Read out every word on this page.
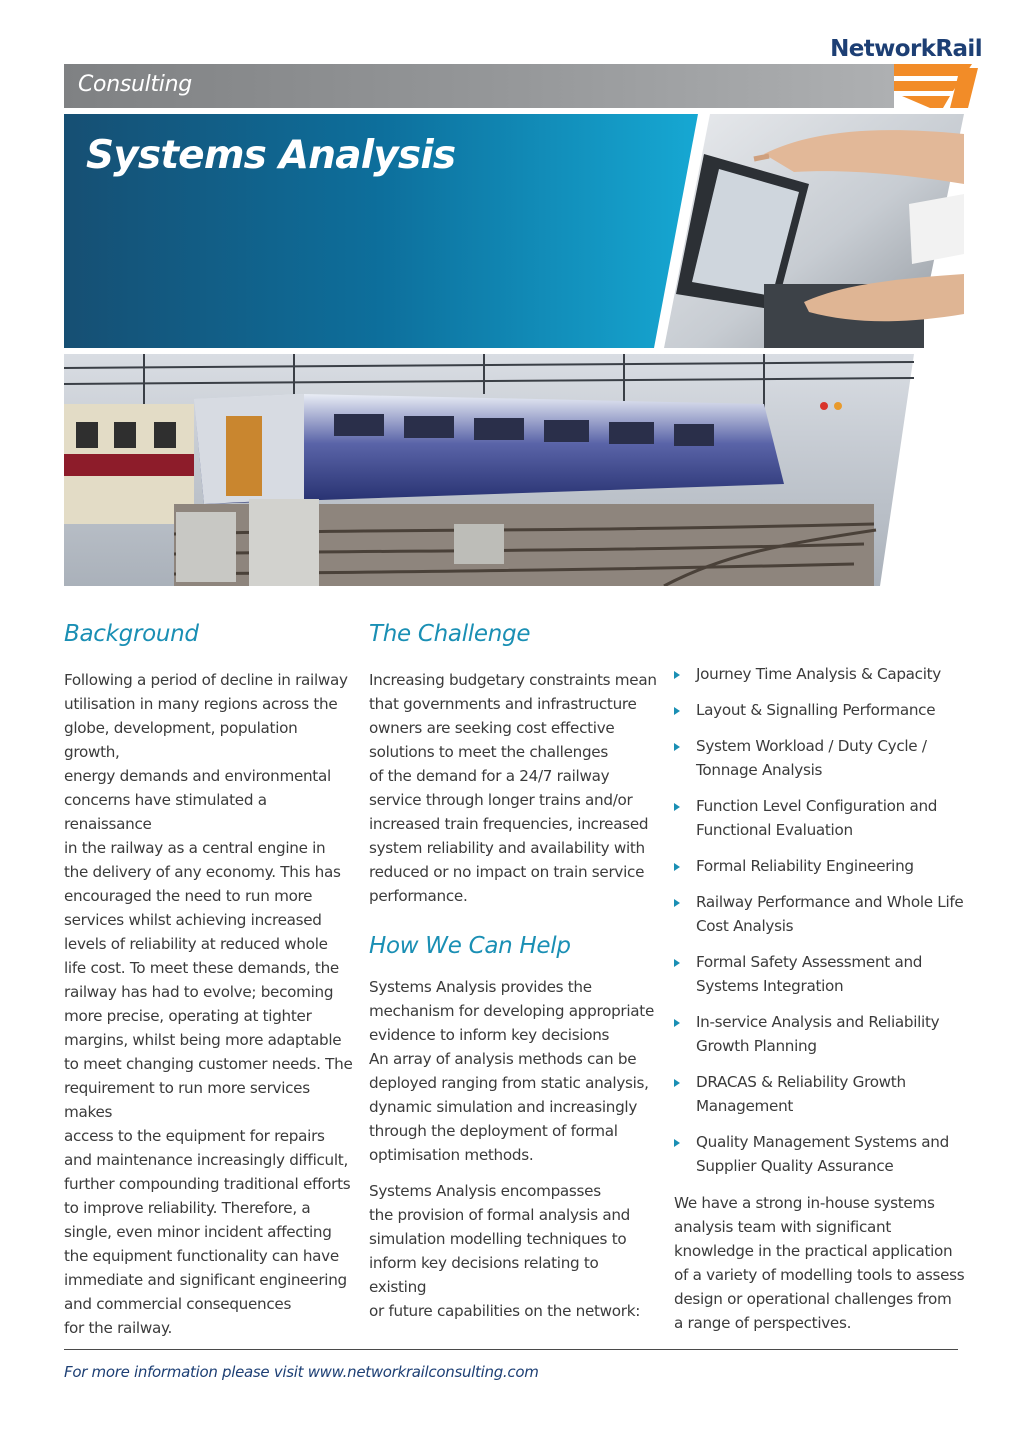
NetworkRail
Consulting
Systems Analysis
Background

Following a period of decline in railway
utilisation in many regions across the
globe, development, population growth,
energy demands and environmental
concerns have stimulated a renaissance
in the railway as a central engine in
the delivery of any economy. This has
encouraged the need to run more
services whilst achieving increased
levels of reliability at reduced whole
life cost. To meet these demands, the
railway has had to evolve; becoming
more precise, operating at tighter
margins, whilst being more adaptable
to meet changing customer needs. The
requirement to run more services makes
access to the equipment for repairs
and maintenance increasingly difficult,
further compounding traditional efforts
to improve reliability. Therefore, a
single, even minor incident affecting
the equipment functionality can have
immediate and significant engineering
and commercial consequences
for the railway.

The Challenge

Increasing budgetary constraints mean
that governments and infrastructure
owners are seeking cost effective
solutions to meet the challenges
of the demand for a 24/7 railway
service through longer trains and/or
increased train frequencies, increased
system reliability and availability with
reduced or no impact on train service
performance.

How We Can Help

Systems Analysis provides the
mechanism for developing appropriate
evidence to inform key decisions
An array of analysis methods can be
deployed ranging from static analysis,
dynamic simulation and increasingly
through the deployment of formal
optimisation methods.

Systems Analysis encompasses
the provision of formal analysis and
simulation modelling techniques to
inform key decisions relating to existing
or future capabilities on the network:

Journey Time Analysis & Capacity
Layout & Signalling Performance
System Workload / Duty Cycle /
Tonnage Analysis
Function Level Configuration and
Functional Evaluation
Formal Reliability Engineering
Railway Performance and Whole Life
Cost Analysis
Formal Safety Assessment and
Systems Integration
In-service Analysis and Reliability
Growth Planning
DRACAS & Reliability Growth
Management
Quality Management Systems and
Supplier Quality Assurance

We have a strong in-house systems
analysis team with significant
knowledge in the practical application
of a variety of modelling tools to assess
design or operational challenges from
a range of perspectives.

For more information please visit www.networkrailconsulting.com
